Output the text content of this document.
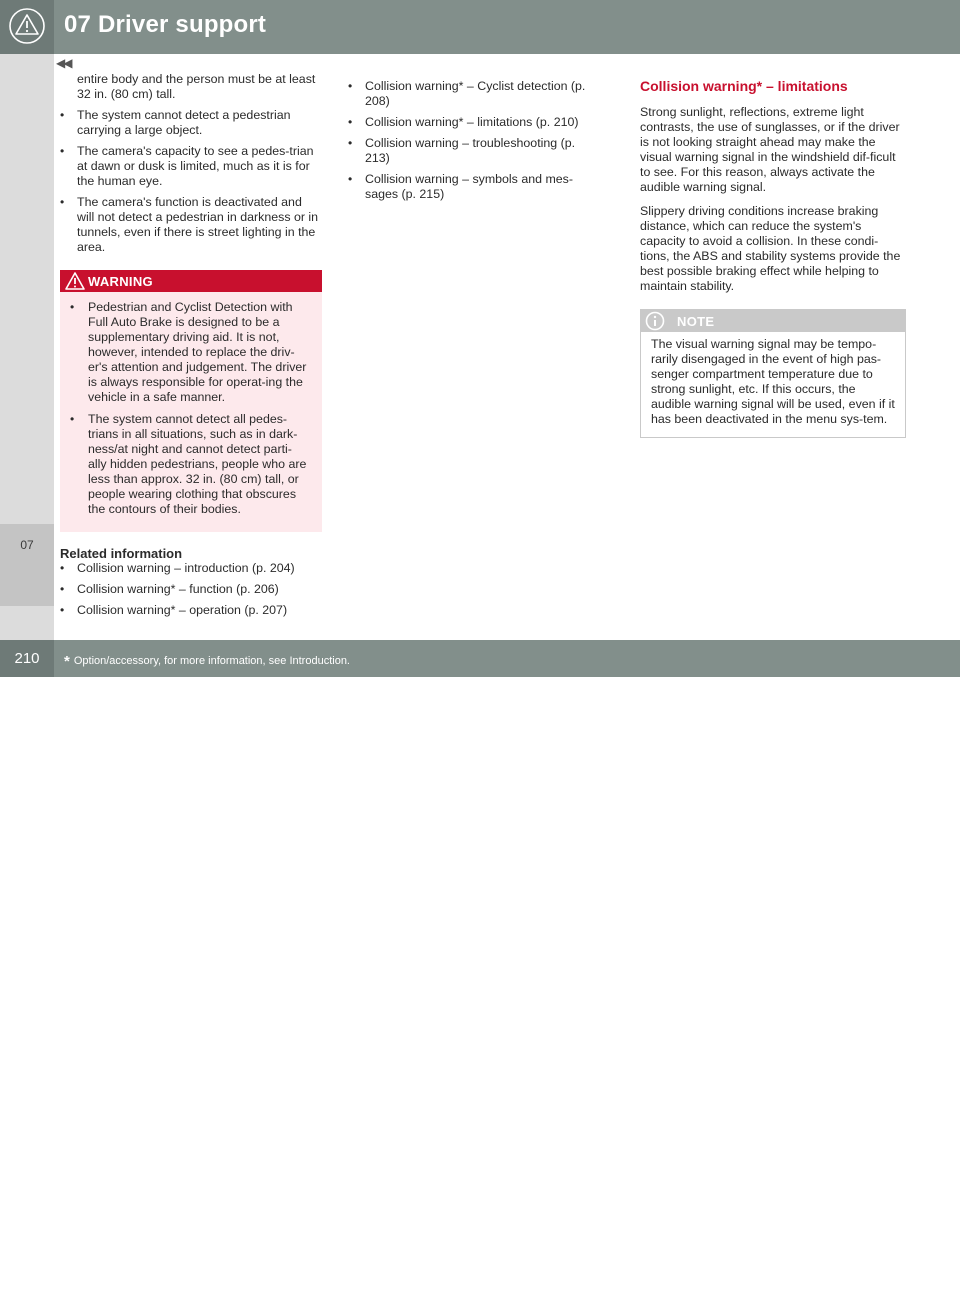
07 Driver support
07
◀◀
entire body and the person must be at least 32 in. (80 cm) tall.
• The system cannot detect a pedestrian carrying a large object.
• The camera's capacity to see a pedes-trian at dawn or dusk is limited, much as it is for the human eye.
• The camera's function is deactivated and will not detect a pedestrian in darkness or in tunnels, even if there is street lighting in the area.
WARNING
• Pedestrian and Cyclist Detection with Full Auto Brake is designed to be a supplementary driving aid. It is not, however, intended to replace the driv-er's attention and judgement. The driver is always responsible for operat-ing the vehicle in a safe manner.
• The system cannot detect all pedes-trians in all situations, such as in dark-ness/at night and cannot detect parti-ally hidden pedestrians, people who are less than approx. 32 in. (80 cm) tall, or people wearing clothing that obscures the contours of their bodies.
Related information
• Collision warning – introduction (p. 204)
• Collision warning* – function (p. 206)
• Collision warning* – operation (p. 207)
• Collision warning* – Cyclist detection (p. 208)
• Collision warning* – limitations (p. 210)
• Collision warning – troubleshooting (p. 213)
• Collision warning – symbols and mes-sages (p. 215)
Collision warning* – limitations
Strong sunlight, reflections, extreme light contrasts, the use of sunglasses, or if the driver is not looking straight ahead may make the visual warning signal in the windshield dif-ficult to see. For this reason, always activate the audible warning signal.
Slippery driving conditions increase braking distance, which can reduce the system's capacity to avoid a collision. In these condi-tions, the ABS and stability systems provide the best possible braking effect while helping to maintain stability.
NOTE
The visual warning signal may be tempo-rarily disengaged in the event of high pas-senger compartment temperature due to strong sunlight, etc. If this occurs, the audible warning signal will be used, even if it has been deactivated in the menu sys-tem.
210	* Option/accessory, for more information, see Introduction.
carmanualsonline.info
